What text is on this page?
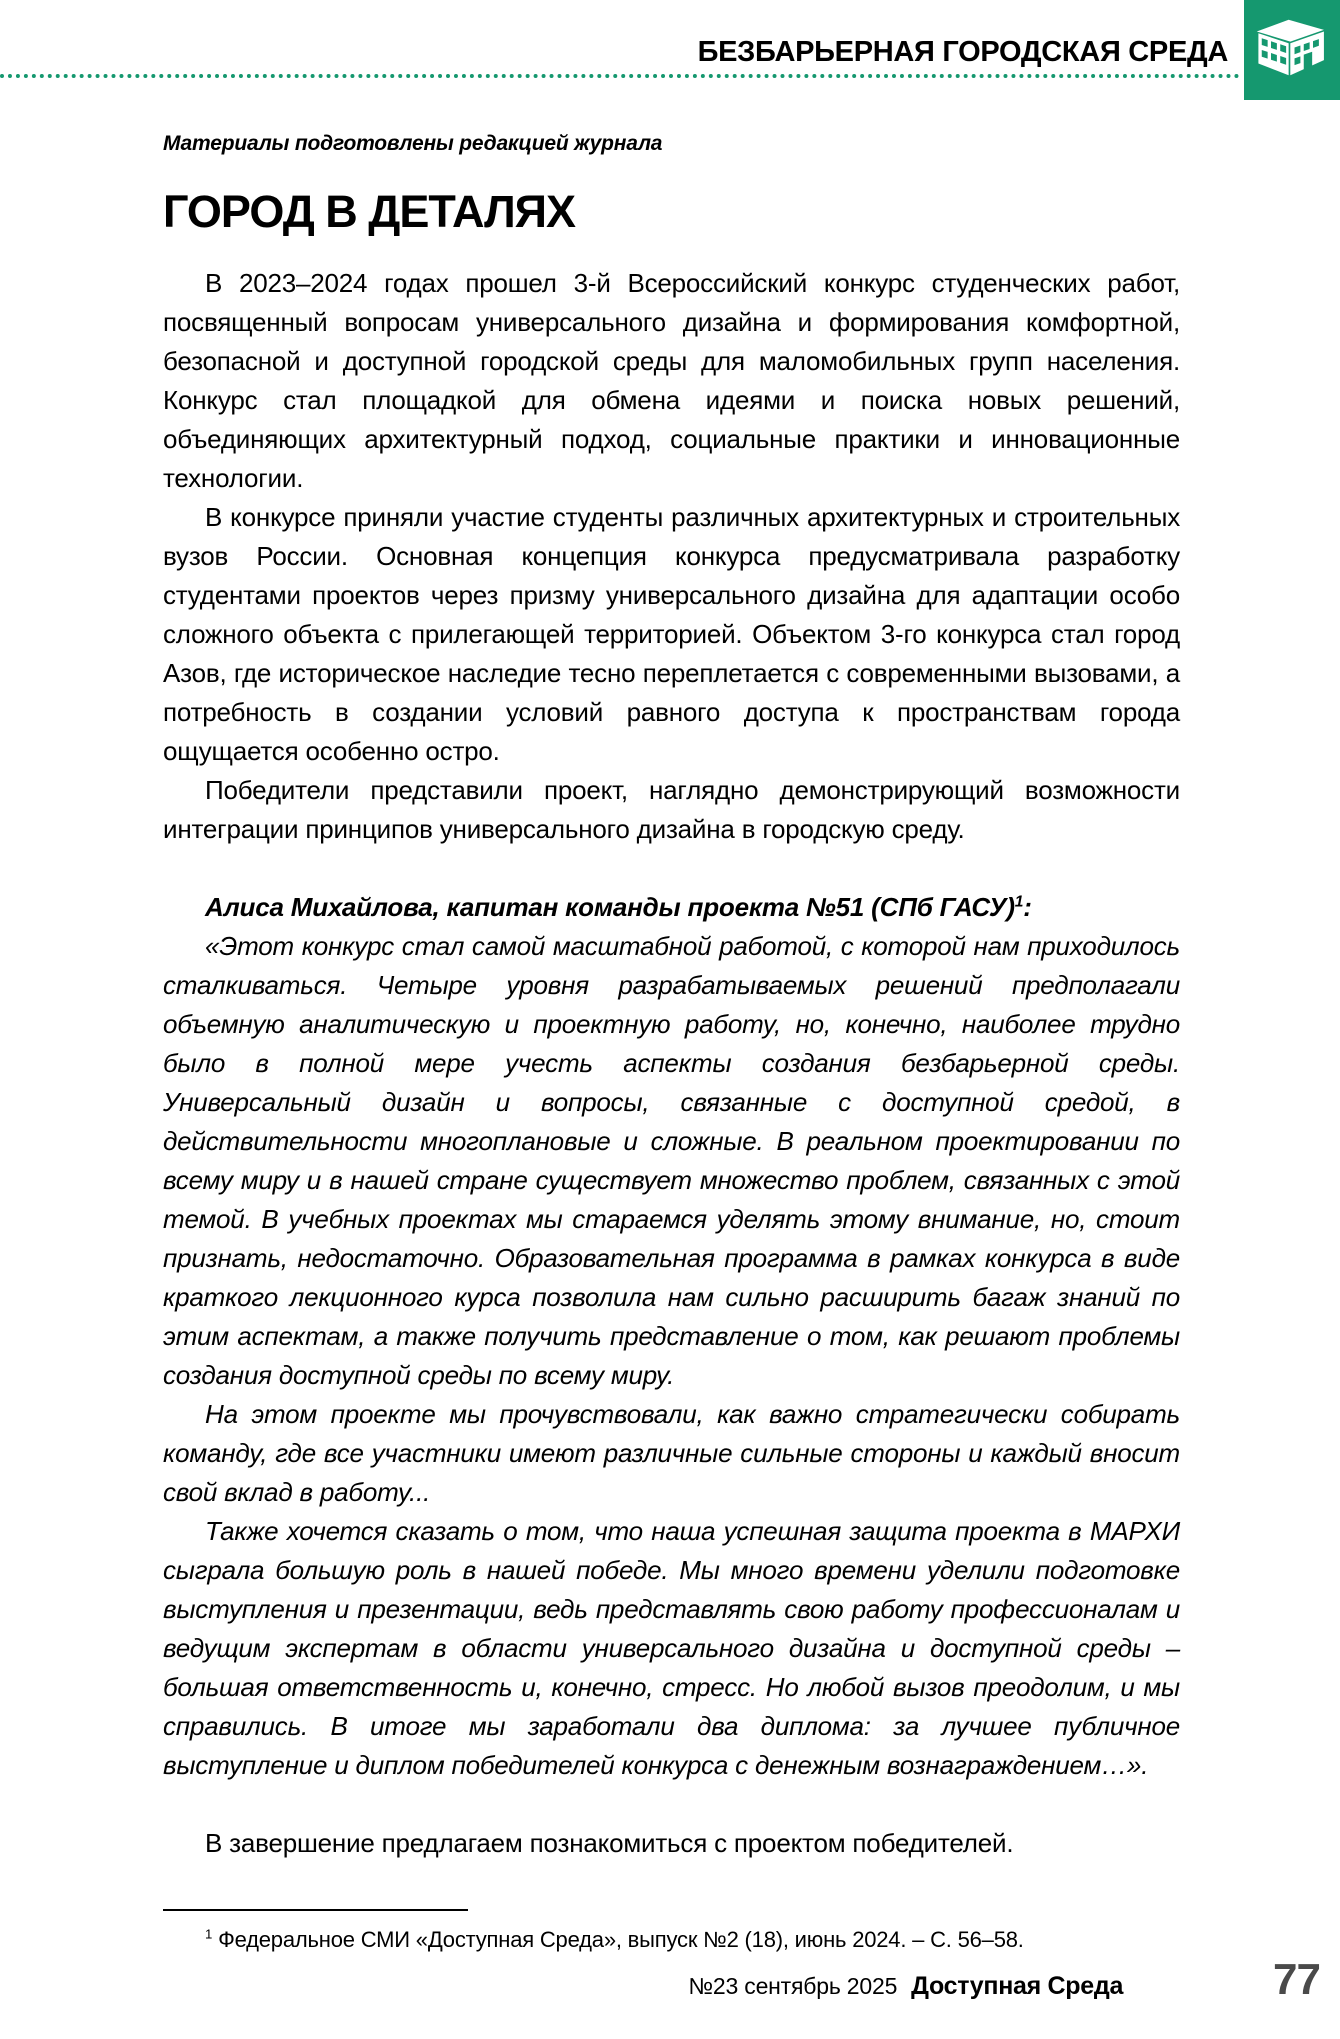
БЕЗБАРЬЕРНАЯ ГОРОДСКАЯ СРЕДА

Материалы подготовлены редакцией журнала

ГОРОД В ДЕТАЛЯХ

В 2023–2024 годах прошел 3-й Всероссийский конкурс студенческих работ, посвященный вопросам универсального дизайна и формирования комфортной, безопасной и доступной городской среды для маломобильных групп населения. Конкурс стал площадкой для обмена идеями и поиска новых решений, объединяющих архитектурный подход, социальные практики и инновационные технологии.

В конкурсе приняли участие студенты различных архитектурных и строительных вузов России. Основная концепция конкурса предусматривала разработку студентами проектов через призму универсального дизайна для адаптации особо сложного объекта с прилегающей территорией. Объектом 3-го конкурса стал город Азов, где историческое наследие тесно переплетается с современными вызовами, а потребность в создании условий равного доступа к пространствам города ощущается особенно остро.

Победители представили проект, наглядно демонстрирующий возможности интеграции принципов универсального дизайна в городскую среду.

Алиса Михайлова, капитан команды проекта №51 (СПб ГАСУ)$^1$:

«Этот конкурс стал самой масштабной работой, с которой нам приходилось сталкиваться. Четыре уровня разрабатываемых решений предполагали объемную аналитическую и проектную работу, но, конечно, наиболее трудно было в полной мере учесть аспекты создания безбарьерной среды. Универсальный дизайн и вопросы, связанные с доступной средой, в действительности многоплановые и сложные. В реальном проектировании по всему миру и в нашей стране существует множество проблем, связанных с этой темой. В учебных проектах мы стараемся уделять этому внимание, но, стоит признать, недостаточно. Образовательная программа в рамках конкурса в виде краткого лекционного курса позволила нам сильно расширить багаж знаний по этим аспектам, а также получить представление о том, как решают проблемы создания доступной среды по всему миру.

На этом проекте мы прочувствовали, как важно стратегически собирать команду, где все участники имеют различные сильные стороны и каждый вносит свой вклад в работу...

Также хочется сказать о том, что наша успешная защита проекта в МАРХИ сыграла большую роль в нашей победе. Мы много времени уделили подготовке выступления и презентации, ведь представлять свою работу профессионалам и ведущим экспертам в области универсального дизайна и доступной среды – большая ответственность и, конечно, стресс. Но любой вызов преодолим, и мы справились. В итоге мы заработали два диплома: за лучшее публичное выступление и диплом победителей конкурса с денежным вознаграждением…».

В завершение предлагаем познакомиться с проектом победителей.

$^1$ Федеральное СМИ «Доступная Среда», выпуск №2 (18), июнь 2024. – С. 56–58.

№23 сентябрь 2025 Доступная Среда	77
